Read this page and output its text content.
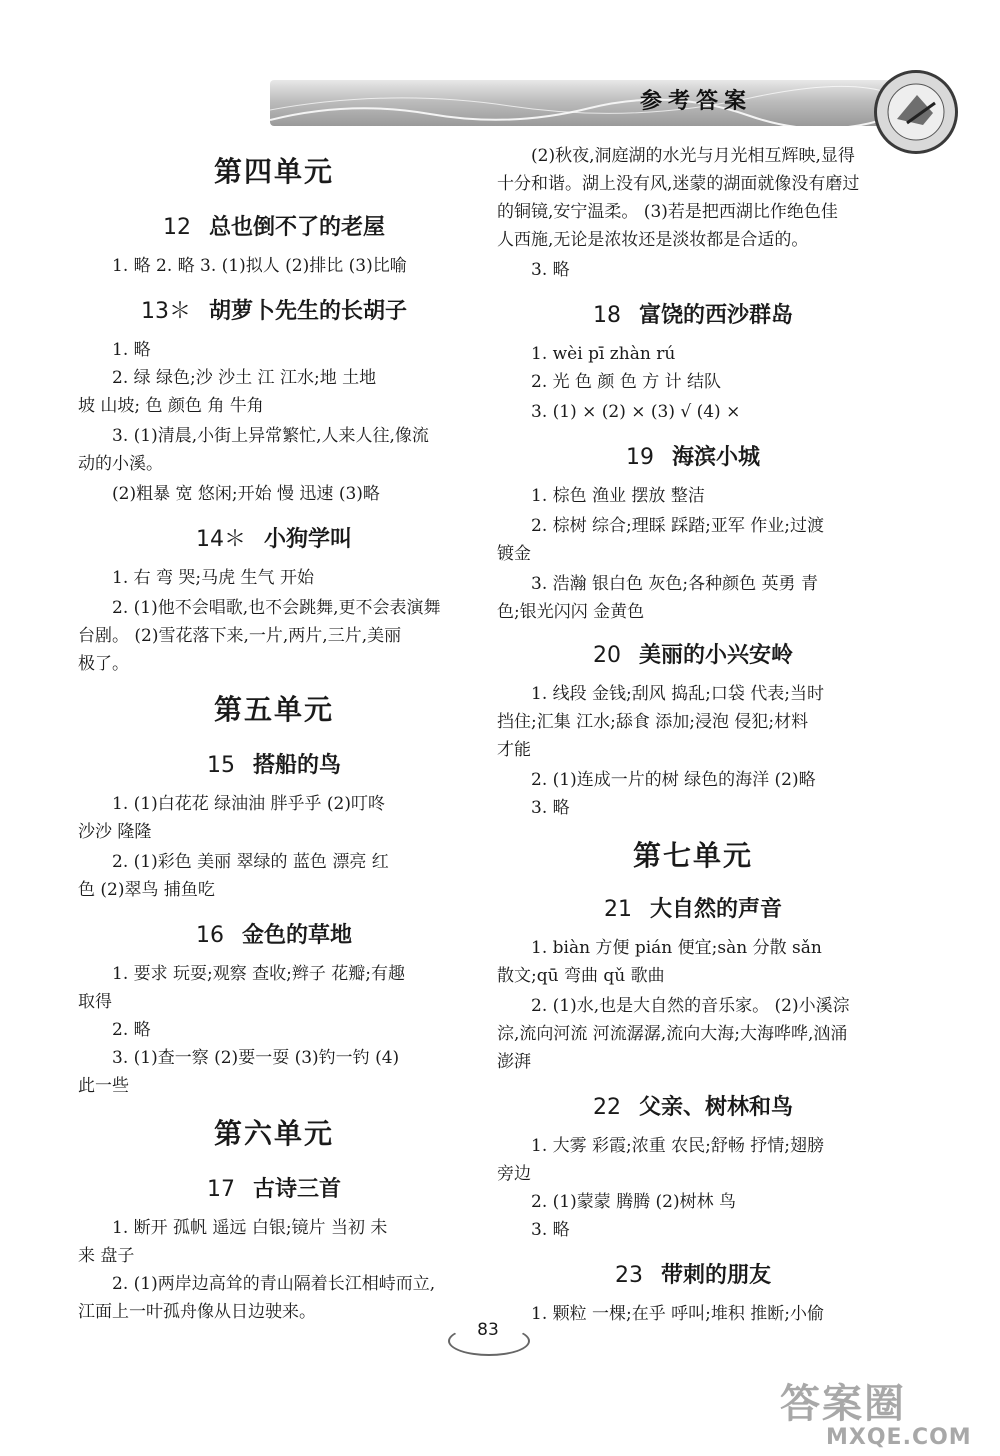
参考答案
第四单元
12 总也倒不了的老屋
1. 略 2. 略 3. (1)拟人 (2)排比 (3)比喻
13＊ 胡萝卜先生的长胡子
1. 略
2. 绿 绿色;沙 沙土 江 江水;地 土地
坡 山坡; 色 颜色 角 牛角
3. (1)清晨,小街上异常繁忙,人来人往,像流
动的小溪。
(2)粗暴 宽 悠闲;开始 慢 迅速 (3)略
14＊ 小狗学叫
1. 右 弯 哭;马虎 生气 开始
2. (1)他不会唱歌,也不会跳舞,更不会表演舞
台剧。 (2)雪花落下来,一片,两片,三片,美丽
极了。
第五单元
15 搭船的鸟
1. (1)白花花 绿油油 胖乎乎 (2)叮咚
沙沙 隆隆
2. (1)彩色 美丽 翠绿的 蓝色 漂亮 红
色 (2)翠鸟 捕鱼吃
16 金色的草地
1. 要求 玩耍;观察 查收;辫子 花瓣;有趣
取得
2. 略
3. (1)查一察 (2)要一耍 (3)钓一钓 (4)
此一些
第六单元
17 古诗三首
1. 断开 孤帆 遥远 白银;镜片 当初 未
来 盘子
2. (1)两岸边高耸的青山隔着长江相峙而立,
江面上一叶孤舟像从日边驶来。
(2)秋夜,洞庭湖的水光与月光相互辉映,显得
十分和谐。湖上没有风,迷蒙的湖面就像没有磨过
的铜镜,安宁温柔。 (3)若是把西湖比作绝色佳
人西施,无论是浓妆还是淡妆都是合适的。
3. 略
18 富饶的西沙群岛
1. wèi pī zhàn rú
2. 光 色 颜 色 方 计 结队
3. (1) × (2) × (3) √ (4) ×
19 海滨小城
1. 棕色 渔业 摆放 整洁
2. 棕树 综合;理睬 踩踏;亚军 作业;过渡
镀金
3. 浩瀚 银白色 灰色;各种颜色 英勇 青
色;银光闪闪 金黄色
20 美丽的小兴安岭
1. 线段 金钱;刮风 捣乱;口袋 代表;当时
挡住;汇集 江水;舔食 添加;浸泡 侵犯;材料
才能
2. (1)连成一片的树 绿色的海洋 (2)略
3. 略
第七单元
21 大自然的声音
1. biàn 方便 pián 便宜;sàn 分散 sǎn
散文;qū 弯曲 qǔ 歌曲
2. (1)水,也是大自然的音乐家。 (2)小溪淙
淙,流向河流 河流潺潺,流向大海;大海哗哗,汹涌
澎湃
22 父亲、树林和鸟
1. 大雾 彩霞;浓重 农民;舒畅 抒情;翅膀
旁边
2. (1)蒙蒙 腾腾 (2)树林 鸟
3. 略
23 带刺的朋友
1. 颗粒 一棵;在乎 呼叫;堆积 推断;小偷
83
答案圈
MXQE.COM
